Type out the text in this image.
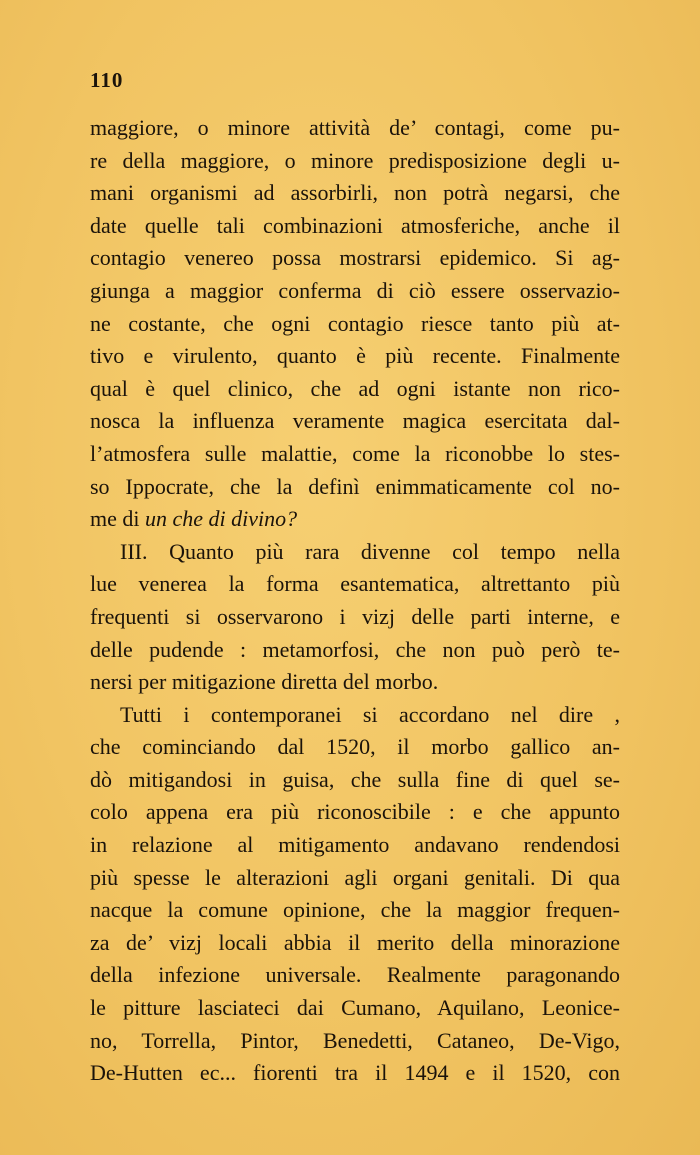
110
maggiore, o minore attività de’ contagi, come pu-
re della maggiore, o minore predisposizione degli u-
mani organismi ad assorbirli, non potrà negarsi, che
date quelle tali combinazioni atmosferiche, anche il
contagio venereo possa mostrarsi epidemico. Si ag-
giunga a maggior conferma di ciò essere osservazio-
ne costante, che ogni contagio riesce tanto più at-
tivo e virulento, quanto è più recente. Finalmente
qual è quel clinico, che ad ogni istante non rico-
nosca la influenza veramente magica esercitata dal-
l’atmosfera sulle malattie, come la riconobbe lo stes-
so Ippocrate, che la definì enimmaticamente col no-
me di un che di divino?
III. Quanto più rara divenne col tempo nella
lue venerea la forma esantematica, altrettanto più
frequenti si osservarono i vizj delle parti interne, e
delle pudende : metamorfosi, che non può però te-
nersi per mitigazione diretta del morbo.
Tutti i contemporanei si accordano nel dire ,
che cominciando dal 1520, il morbo gallico an-
dò mitigandosi in guisa, che sulla fine di quel se-
colo appena era più riconoscibile : e che appunto
in relazione al mitigamento andavano rendendosi
più spesse le alterazioni agli organi genitali. Di qua
nacque la comune opinione, che la maggior frequen-
za de’ vizj locali abbia il merito della minorazione
della infezione universale. Realmente paragonando
le pitture lasciateci dai Cumano, Aquilano, Leonice-
no, Torrella, Pintor, Benedetti, Cataneo, De-Vigo,
De-Hutten ec... fiorenti tra il 1494 e il 1520, con
